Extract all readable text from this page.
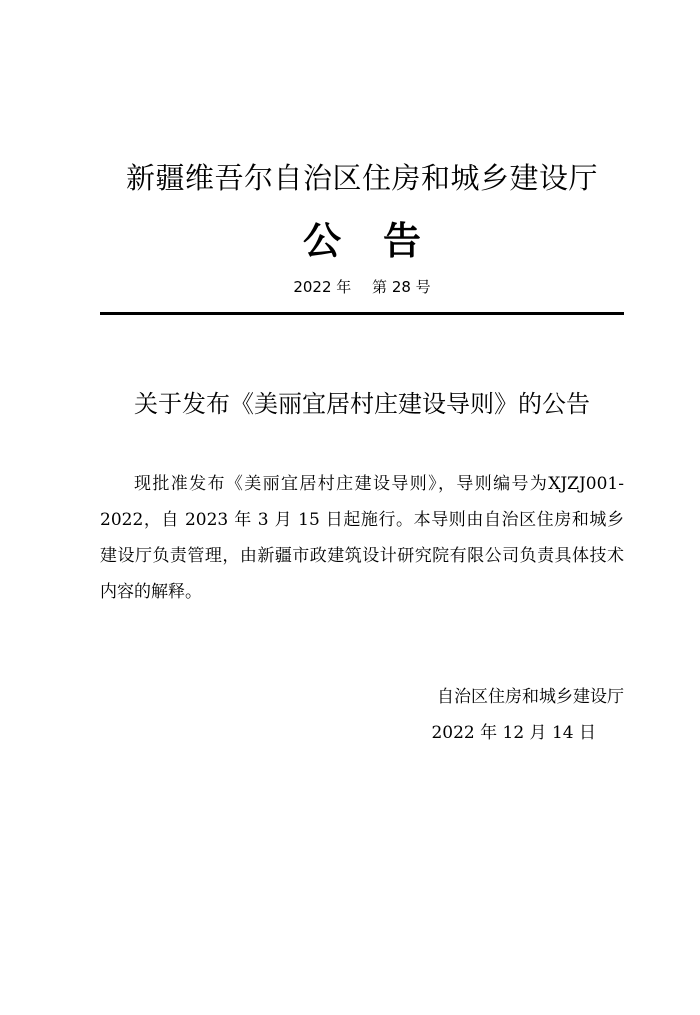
新疆维吾尔自治区住房和城乡建设厅
公告
2022 年 第 28 号
关于发布《美丽宜居村庄建设导则》的公告

现批准发布《美丽宜居村庄建设导则》，导则编号为XJZJ001-2022，自 2023 年 3 月 15 日起施行。本导则由自治区住房和城乡建设厅负责管理，由新疆市政建筑设计研究院有限公司负责具体技术内容的解释。

自治区住房和城乡建设厅
2022 年 12 月 14 日
